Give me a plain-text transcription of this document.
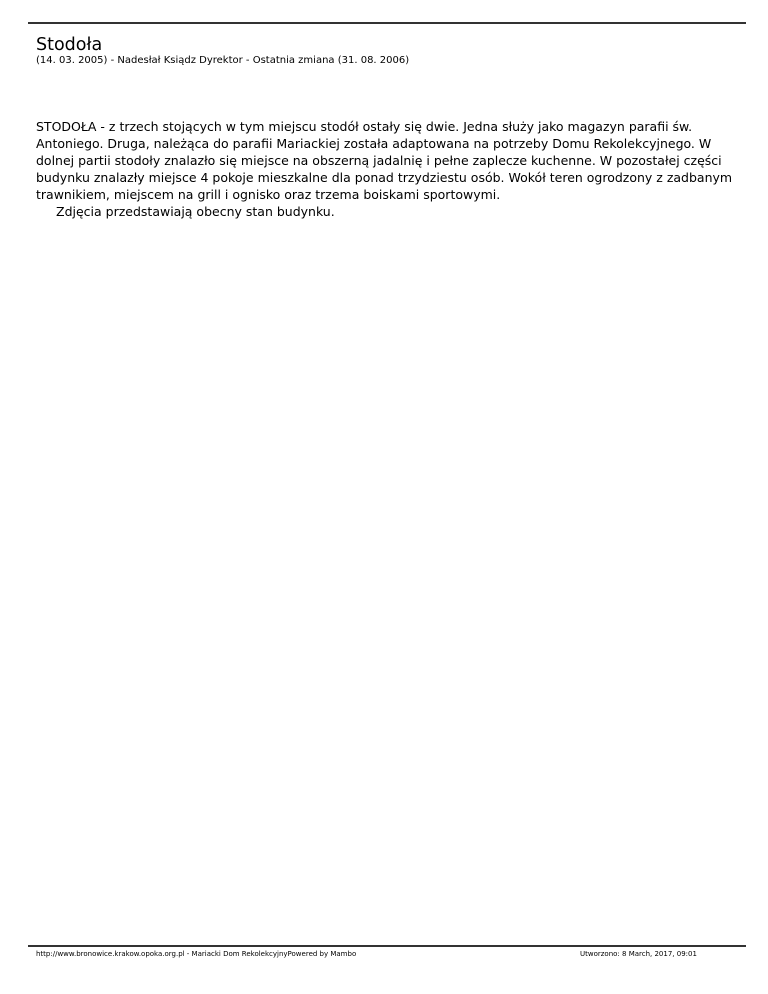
Stodoła
(14. 03. 2005) - Nadesłał Ksiądz Dyrektor - Ostatnia zmiana (31. 08. 2006)

STODOŁA - z trzech stojących w tym miejscu stodół ostały się dwie. Jedna służy jako magazyn parafii św. Antoniego. Druga, należąca do parafii Mariackiej została adaptowana na potrzeby Domu Rekolekcyjnego. W dolnej partii stodoły znalazło się miejsce na obszerną jadalnię i pełne zaplecze kuchenne. W pozostałej części budynku znalazły miejsce 4 pokoje mieszkalne dla ponad trzydziestu osób. Wokół teren ogrodzony z zadbanym trawnikiem, miejscem na grill i ognisko oraz trzema boiskami sportowymi.

Zdjęcia przedstawiają obecny stan budynku.

http://www.bronowice.krakow.opoka.org.pl - Mariacki Dom RekolekcyjnyPowered by Mambo	Utworzono: 8 March, 2017, 09:01
